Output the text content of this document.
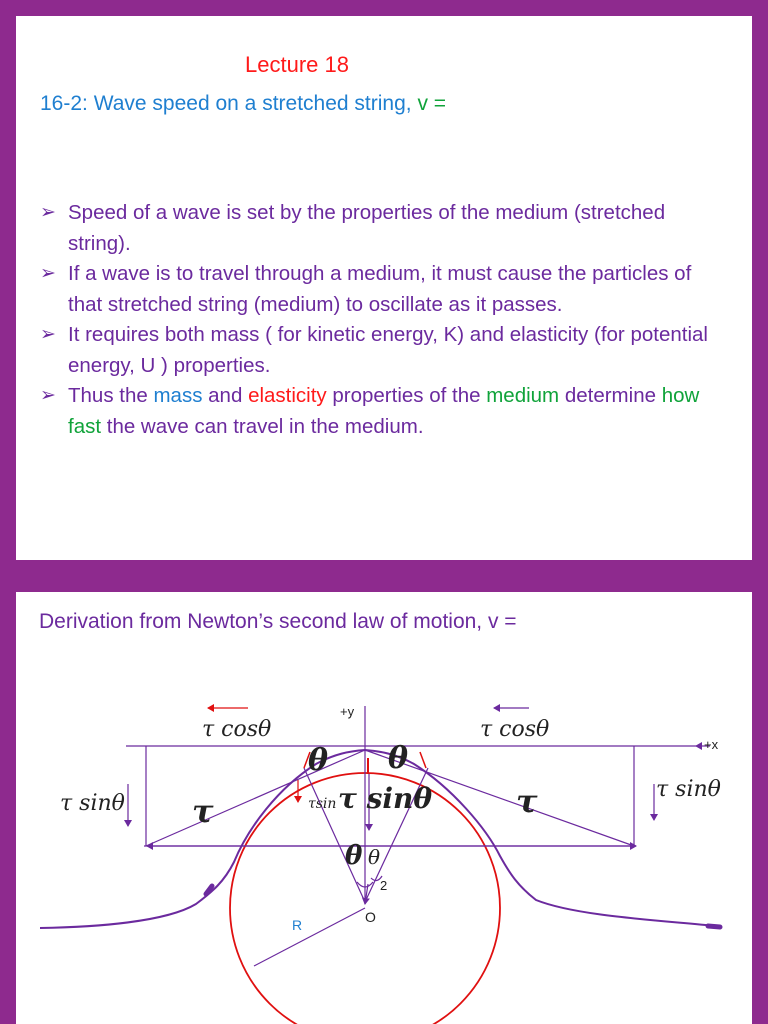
Lecture 18
16-2: Wave speed on a stretched string, v =
➢ Speed of a wave is set by the properties of the medium (stretched string).
➢ If a wave is to travel through a medium, it must cause the particles of that stretched string (medium) to oscillate as it passes.
➢ It requires both mass ( for kinetic energy, K) and elasticity (for potential energy, U ) properties.
➢ Thus the mass and elasticity properties of the medium determine how fast the wave can travel in the medium.
Derivation from Newton’s second law of motion, v =
+y
+x
τ cosθ	τ cosθ
τ sinθ
τ sinθ
θ θ
τ	τ
τsin τ sinθ
θ θ
2
O
R
